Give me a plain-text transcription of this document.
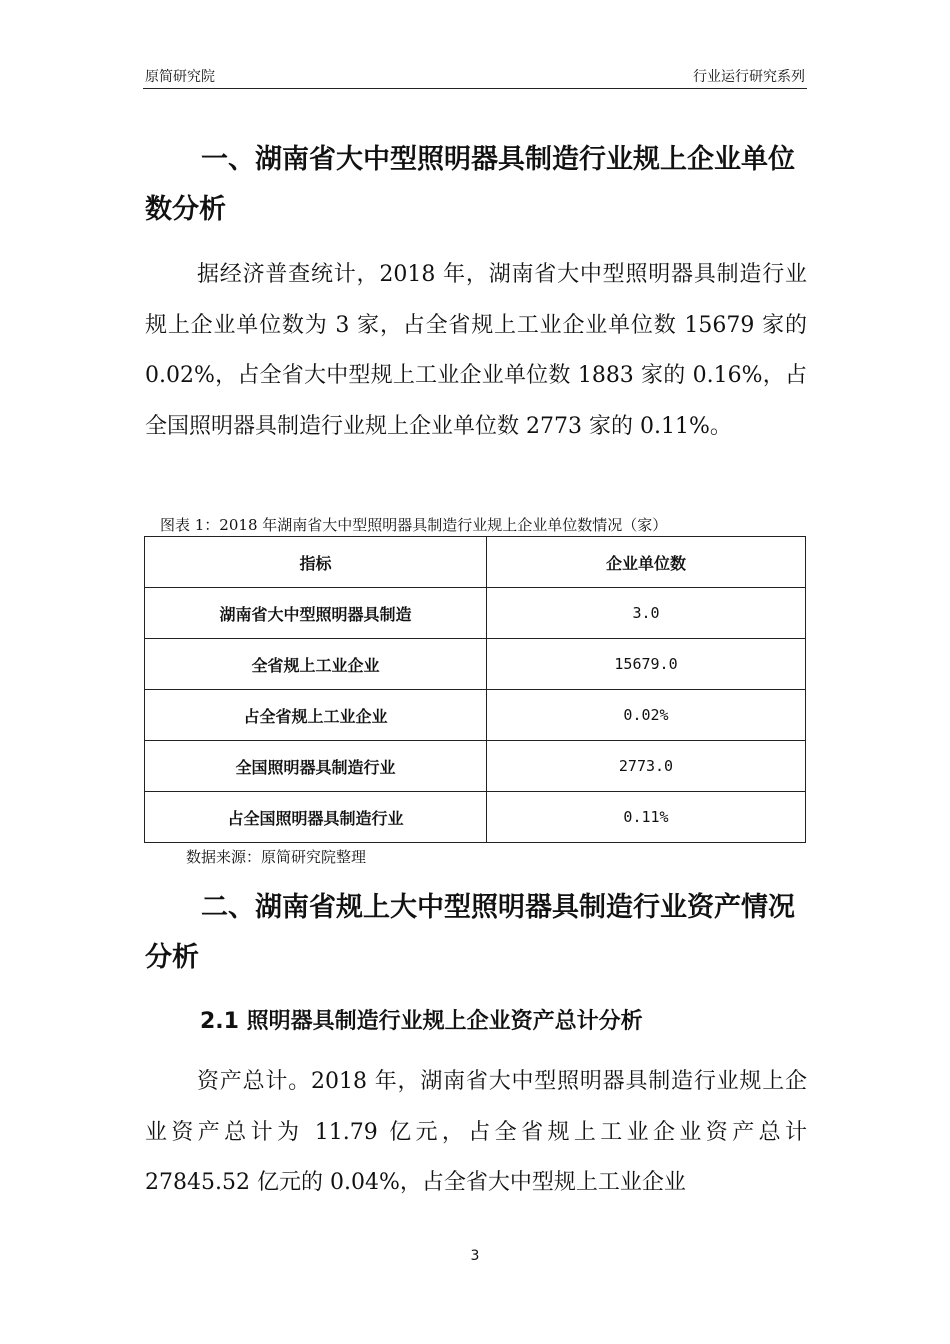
原简研究院	行业运行研究系列
一、湖南省大中型照明器具制造行业规上企业单位数分析
据经济普查统计，2018 年，湖南省大中型照明器具制造行业规上企业单位数为 3 家，占全省规上工业企业单位数 15679 家的 0.02%，占全省大中型规上工业企业单位数 1883 家的 0.16%，占全国照明器具制造行业规上企业单位数 2773 家的 0.11%。
图表 1：2018 年湖南省大中型照明器具制造行业规上企业单位数情况（家）
指标	企业单位数
湖南省大中型照明器具制造	3.0
全省规上工业企业	15679.0
占全省规上工业企业	0.02%
全国照明器具制造行业	2773.0
占全国照明器具制造行业	0.11%
数据来源：原简研究院整理
二、湖南省规上大中型照明器具制造行业资产情况分析
2.1 照明器具制造行业规上企业资产总计分析
资产总计。2018 年，湖南省大中型照明器具制造行业规上企业资产总计为 11.79 亿元，占全省规上工业企业资产总计 27845.52 亿元的 0.04%，占全省大中型规上工业企业
3
